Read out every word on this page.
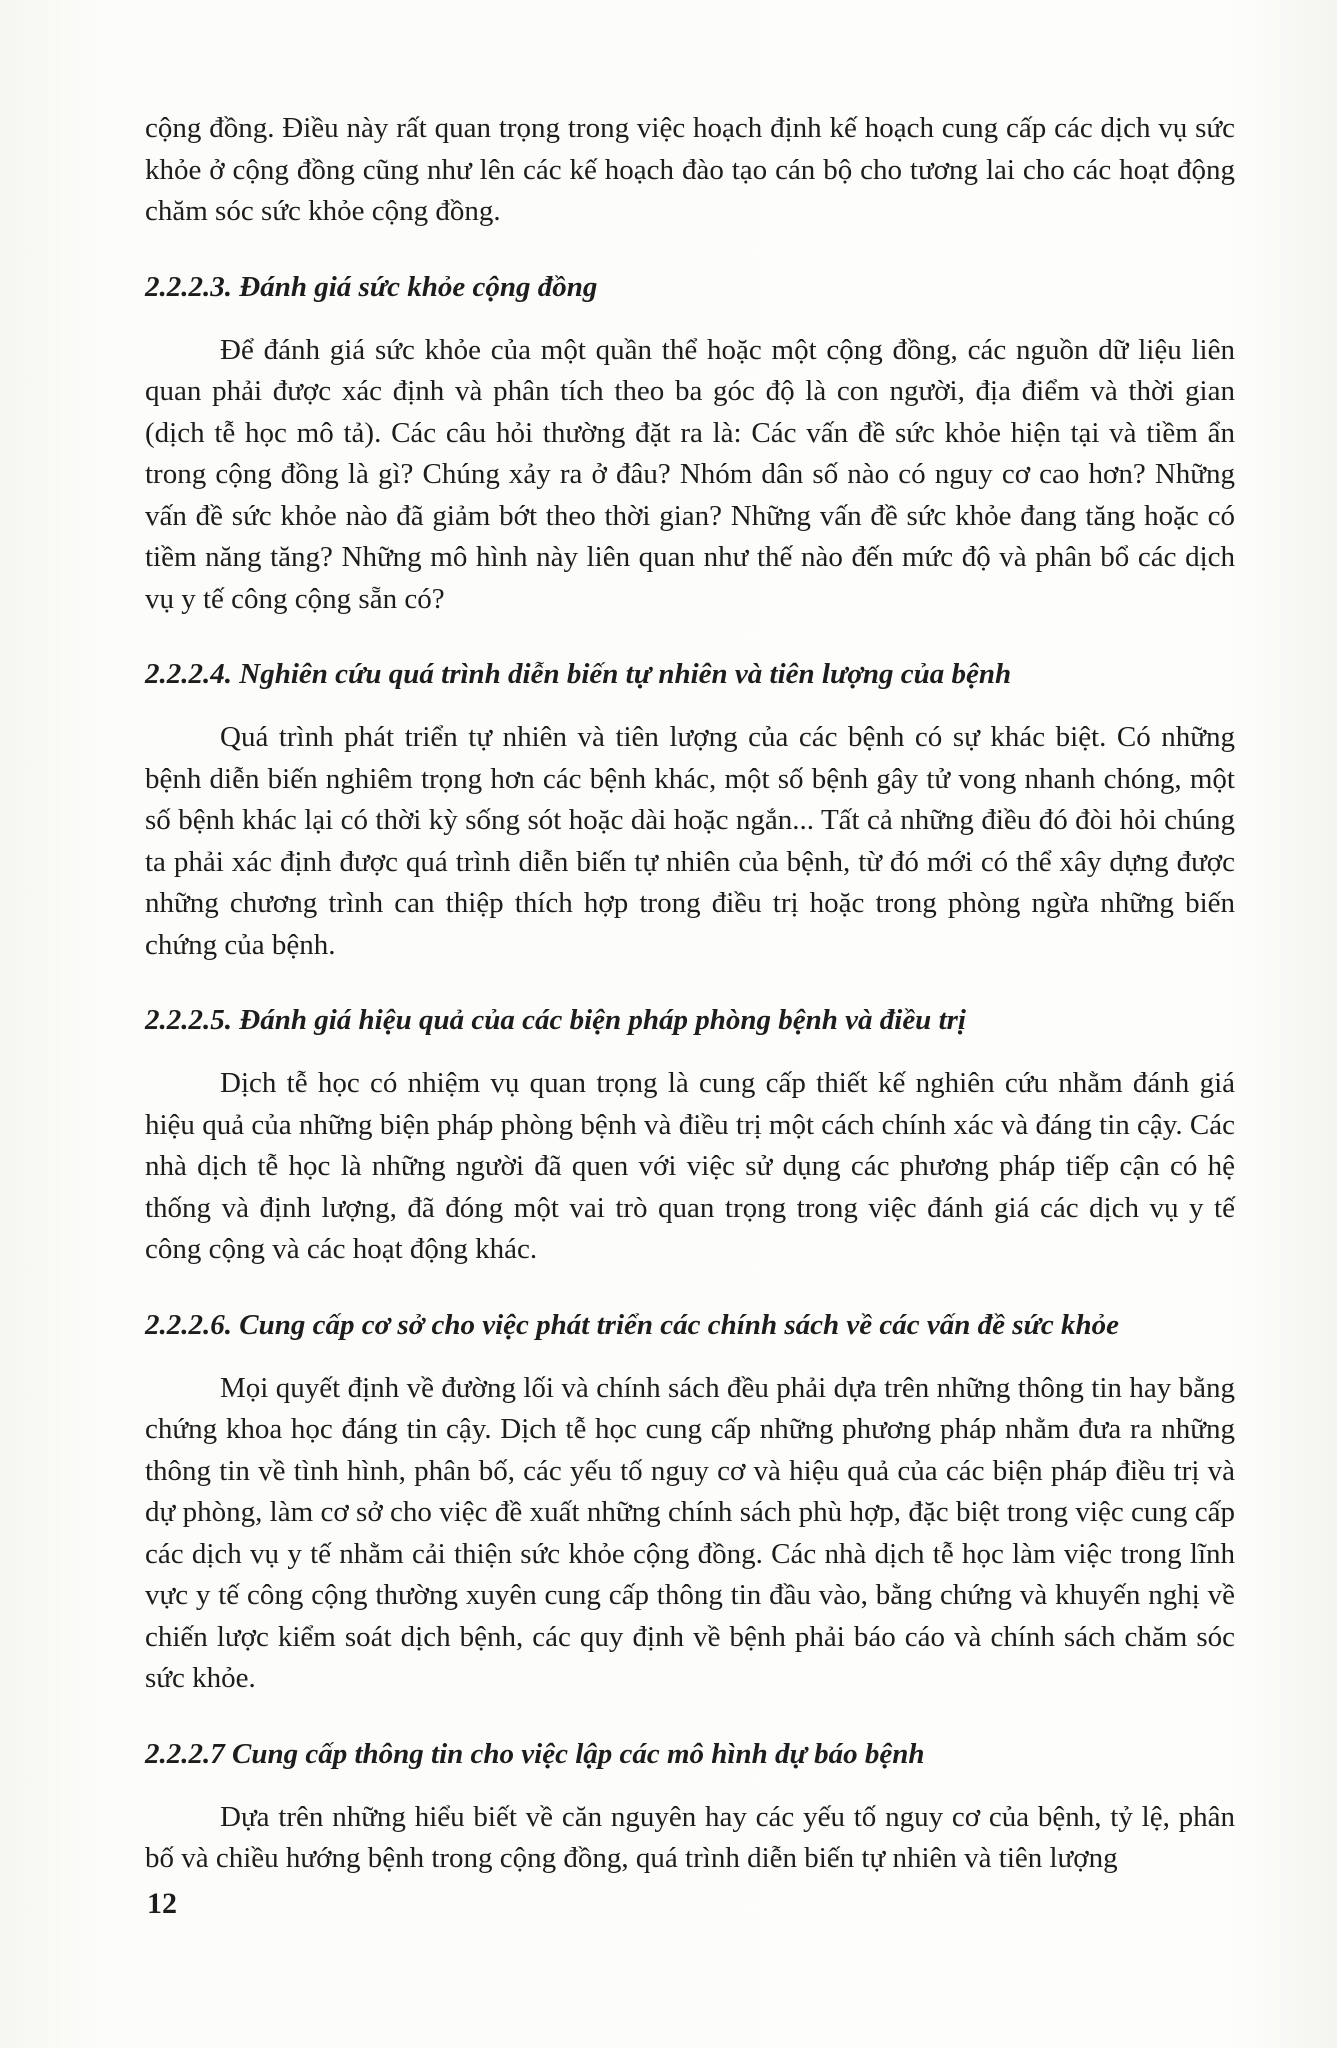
cộng đồng. Điều này rất quan trọng trong việc hoạch định kế hoạch cung cấp các dịch vụ sức khỏe ở cộng đồng cũng như lên các kế hoạch đào tạo cán bộ cho tương lai cho các hoạt động chăm sóc sức khỏe cộng đồng.

2.2.2.3. Đánh giá sức khỏe cộng đồng

Để đánh giá sức khỏe của một quần thể hoặc một cộng đồng, các nguồn dữ liệu liên quan phải được xác định và phân tích theo ba góc độ là con người, địa điểm và thời gian (dịch tễ học mô tả). Các câu hỏi thường đặt ra là: Các vấn đề sức khỏe hiện tại và tiềm ẩn trong cộng đồng là gì? Chúng xảy ra ở đâu? Nhóm dân số nào có nguy cơ cao hơn? Những vấn đề sức khỏe nào đã giảm bớt theo thời gian? Những vấn đề sức khỏe đang tăng hoặc có tiềm năng tăng? Những mô hình này liên quan như thế nào đến mức độ và phân bổ các dịch vụ y tế công cộng sẵn có?

2.2.2.4. Nghiên cứu quá trình diễn biến tự nhiên và tiên lượng của bệnh

Quá trình phát triển tự nhiên và tiên lượng của các bệnh có sự khác biệt. Có những bệnh diễn biến nghiêm trọng hơn các bệnh khác, một số bệnh gây tử vong nhanh chóng, một số bệnh khác lại có thời kỳ sống sót hoặc dài hoặc ngắn... Tất cả những điều đó đòi hỏi chúng ta phải xác định được quá trình diễn biến tự nhiên của bệnh, từ đó mới có thể xây dựng được những chương trình can thiệp thích hợp trong điều trị hoặc trong phòng ngừa những biến chứng của bệnh.

2.2.2.5. Đánh giá hiệu quả của các biện pháp phòng bệnh và điều trị

Dịch tễ học có nhiệm vụ quan trọng là cung cấp thiết kế nghiên cứu nhằm đánh giá hiệu quả của những biện pháp phòng bệnh và điều trị một cách chính xác và đáng tin cậy. Các nhà dịch tễ học là những người đã quen với việc sử dụng các phương pháp tiếp cận có hệ thống và định lượng, đã đóng một vai trò quan trọng trong việc đánh giá các dịch vụ y tế công cộng và các hoạt động khác.

2.2.2.6. Cung cấp cơ sở cho việc phát triển các chính sách về các vấn đề sức khỏe

Mọi quyết định về đường lối và chính sách đều phải dựa trên những thông tin hay bằng chứng khoa học đáng tin cậy. Dịch tễ học cung cấp những phương pháp nhằm đưa ra những thông tin về tình hình, phân bố, các yếu tố nguy cơ và hiệu quả của các biện pháp điều trị và dự phòng, làm cơ sở cho việc đề xuất những chính sách phù hợp, đặc biệt trong việc cung cấp các dịch vụ y tế nhằm cải thiện sức khỏe cộng đồng. Các nhà dịch tễ học làm việc trong lĩnh vực y tế công cộng thường xuyên cung cấp thông tin đầu vào, bằng chứng và khuyến nghị về chiến lược kiểm soát dịch bệnh, các quy định về bệnh phải báo cáo và chính sách chăm sóc sức khỏe.

2.2.2.7 Cung cấp thông tin cho việc lập các mô hình dự báo bệnh

Dựa trên những hiểu biết về căn nguyên hay các yếu tố nguy cơ của bệnh, tỷ lệ, phân bố và chiều hướng bệnh trong cộng đồng, quá trình diễn biến tự nhiên và tiên lượng

12
